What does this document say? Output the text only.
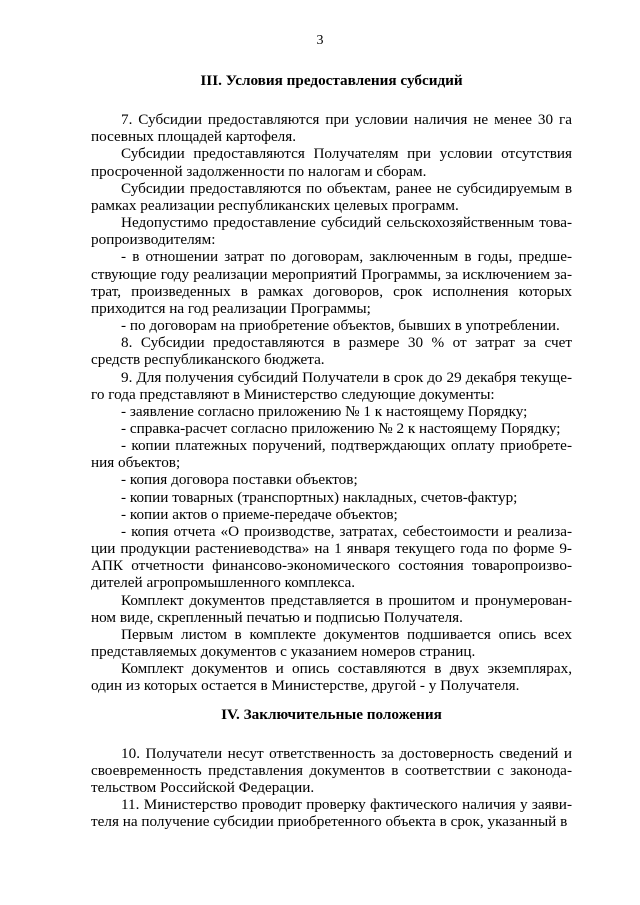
3
III. Условия предоставления субсидий

7. Субсидии предоставляются при условии наличия не менее 30 га посевных площадей картофеля.

Субсидии предоставляются Получателям при условии отсутствия просроченной задолженности по налогам и сборам.

Субсидии предоставляются по объектам, ранее не субсидируемым в рамках реализации республиканских целевых программ.

Недопустимо предоставление субсидий сельскохозяйственным товаропроизводителям:

- в отношении затрат по договорам, заключенным в годы, предшествующие году реализации мероприятий Программы, за исключением затрат, произведенных в рамках договоров, срок исполнения которых приходится на год реализации Программы;

- по договорам на приобретение объектов, бывших в употреблении.

8. Субсидии предоставляются в размере 30 % от затрат за счет средств республиканского бюджета.

9. Для получения субсидий Получатели в срок до 29 декабря текущего года представляют в Министерство следующие документы:

- заявление согласно приложению № 1 к настоящему Порядку;

- справка-расчет согласно приложению № 2 к настоящему Порядку;

- копии платежных поручений, подтверждающих оплату приобретения объектов;

- копия договора поставки объектов;

- копии товарных (транспортных) накладных, счетов-фактур;

- копии актов о приеме-передаче объектов;

- копия отчета «О производстве, затратах, себестоимости и реализации продукции растениеводства» на 1 января текущего года по форме 9-АПК отчетности финансово-экономического состояния товаропроизводителей агропромышленного комплекса.

Комплект документов представляется в прошитом и пронумерованном виде, скрепленный печатью и подписью Получателя.

Первым листом в комплекте документов подшивается опись всех представляемых документов с указанием номеров страниц.

Комплект документов и опись составляются в двух экземплярах, один из которых остается в Министерстве, другой - у Получателя.

IV. Заключительные положения

10. Получатели несут ответственность за достоверность сведений и своевременность представления документов в соответствии с законодательством Российской Федерации.

11. Министерство проводит проверку фактического наличия у заявителя на получение субсидии приобретенного объекта в срок, указанный в
